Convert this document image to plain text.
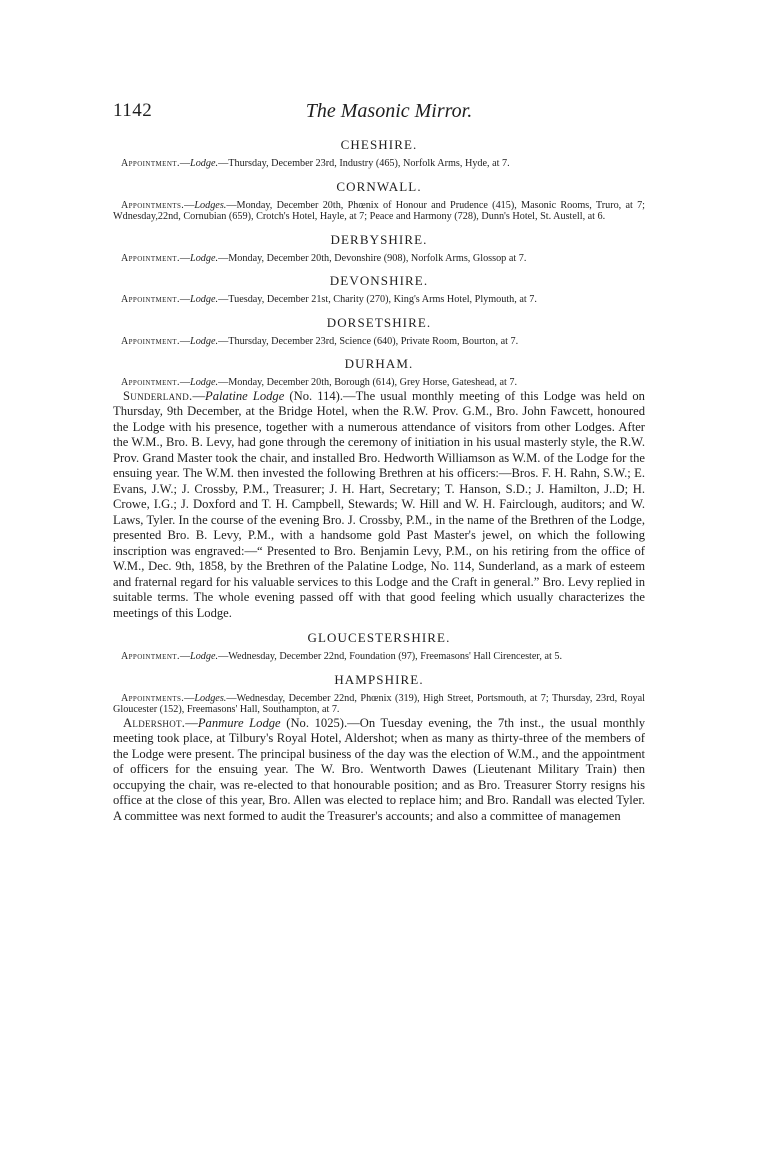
1142	The Masonic Mirror.
CHESHIRE.

Appointment.—Lodge.—Thursday, December 23rd, Industry (465), Norfolk Arms, Hyde, at 7.

CORNWALL.

Appointments.—Lodges.—Monday, December 20th, Phœnix of Honour and Prudence (415), Masonic Rooms, Truro, at 7; Wdnesday,22nd, Cornubian (659), Crotch's Hotel, Hayle, at 7; Peace and Harmony (728), Dunn's Hotel, St. Austell, at 6.

DERBYSHIRE.

Appointment.—Lodge.—Monday, December 20th, Devonshire (908), Norfolk Arms, Glossop at 7.

DEVONSHIRE.

Appointment.—Lodge.—Tuesday, December 21st, Charity (270), King's Arms Hotel, Plymouth, at 7.

DORSETSHIRE.

Appointment.—Lodge.—Thursday, December 23rd, Science (640), Private Room, Bourton, at 7.

DURHAM.

Appointment.—Lodge.—Monday, December 20th, Borough (614), Grey Horse, Gateshead, at 7.

Sunderland.—Palatine Lodge (No. 114).—The usual monthly meeting of this Lodge was held on Thursday, 9th December, at the Bridge Hotel, when the R.W. Prov. G.M., Bro. John Fawcett, honoured the Lodge with his presence, together with a numerous attendance of visitors from other Lodges. After the W.M., Bro. B. Levy, had gone through the ceremony of initiation in his usual masterly style, the R.W. Prov. Grand Master took the chair, and installed Bro. Hedworth Williamson as W.M. of the Lodge for the ensuing year. The W.M. then invested the following Brethren at his officers:—Bros. F. H. Rahn, S.W.; E. Evans, J.W.; J. Crossby, P.M., Treasurer; J. H. Hart, Secretary; T. Hanson, S.D.; J. Hamilton, J..D; H. Crowe, I.G.; J. Doxford and T. H. Campbell, Stewards; W. Hill and W. H. Fairclough, auditors; and W. Laws, Tyler. In the course of the evening Bro. J. Crossby, P.M., in the name of the Brethren of the Lodge, presented Bro. B. Levy, P.M., with a handsome gold Past Master's jewel, on which the following inscription was engraved:—“ Presented to Bro. Benjamin Levy, P.M., on his retiring from the office of W.M., Dec. 9th, 1858, by the Brethren of the Palatine Lodge, No. 114, Sunderland, as a mark of esteem and fraternal regard for his valuable services to this Lodge and the Craft in general.” Bro. Levy replied in suitable terms. The whole evening passed off with that good feeling which usually characterizes the meetings of this Lodge.

GLOUCESTERSHIRE.

Appointment.—Lodge.—Wednesday, December 22nd, Foundation (97), Freemasons' Hall Cirencester, at 5.

HAMPSHIRE.

Appointments.—Lodges.—Wednesday, December 22nd, Phœnix (319), High Street, Portsmouth, at 7; Thursday, 23rd, Royal Gloucester (152), Freemasons' Hall, Southampton, at 7.

Aldershot.—Panmure Lodge (No. 1025).—On Tuesday evening, the 7th inst., the usual monthly meeting took place, at Tilbury's Royal Hotel, Aldershot; when as many as thirty-three of the members of the Lodge were present. The principal business of the day was the election of W.M., and the appointment of officers for the ensuing year. The W. Bro. Wentworth Dawes (Lieutenant Military Train) then occupying the chair, was re-elected to that honourable position; and as Bro. Treasurer Storry resigns his office at the close of this year, Bro. Allen was elected to replace him; and Bro. Randall was elected Tyler. A committee was next formed to audit the Treasurer's accounts; and also a committee of managemen
